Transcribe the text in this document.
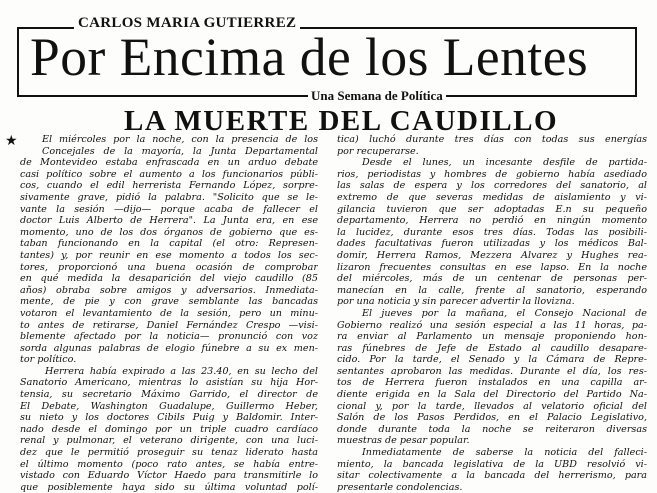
CARLOS MARIA GUTIERREZ
Por Encima de los Lentes
Una Semana de Política
LA MUERTE DEL CAUDILLO
★	El miércoles por la noche, con la presencia de los
Concejales de la mayoría, la Junta Departamental
de Montevideo estaba enfrascada en un arduo debate
casi político sobre el aumento a los funcionarios públi-
cos, cuando el edil herrerista Fernando López, sorpre-
sivamente grave, pidió la palabra. "Solicito que se le-
vante la sesión —dijo— porque acaba de fallecer el
doctor Luis Alberto de Herrera". La Junta era, en ese
momento, uno de los dos órganos de gobierno que es-
taban funcionando en la capital (el otro: Represen-
tantes) y, por reunir en ese momento a todos los sec-
tores, proporcionó una buena ocasión de comprobar
en qué medida la desaparición del viejo caudillo (85
años) obraba sobre amigos y adversarios. Inmediata-
mente, de pie y con grave semblante las bancadas
votaron el levantamiento de la sesión, pero un minu-
to antes de retirarse, Daniel Fernández Crespo —visi-
blemente afectado por la noticia— pronunció con voz
sorda algunas palabras de elogio fúnebre a su ex men-
tor político.
Herrera había expirado a las 23.40, en su lecho del
Sanatorio Americano, mientras lo asistían su hija Hor-
tensia, su secretario Máximo Garrido, el director de
El Debate, Washington Guadalupe, Guillermo Heber,
su nieto y los doctores Cibils Puig y Baldomir. Inter-
nado desde el domingo por un triple cuadro cardíaco
renal y pulmonar, el veterano dirigente, con una luci-
dez que le permitió proseguir su tenaz liderato hasta
el último momento (poco rato antes, se había entre-
vistado con Eduardo Víctor Haedo para transmitirle lo
que posiblemente haya sido su última voluntad polí-
tica) luchó durante tres días con todas sus energías
por recuperarse.
Desde el lunes, un incesante desfile de partida-
rios, periodistas y hombres de gobierno había asediado
las salas de espera y los corredores del sanatorio, al
extremo de que severas medidas de aislamiento y vi-
gilancia tuvieron que ser adoptadas E.n su pequeño
departamento, Herrera no perdió en ningún momento
la lucidez, durante esos tres días. Todas las posibili-
dades facultativas fueron utilizadas y los médicos Bal-
domir, Herrera Ramos, Mezzera Alvarez y Hughes rea-
lizaron frecuentes consultas en ese lapso. En la noche
del miércoles, más de un centenar de personas per-
manecían en la calle, frente al sanatorio, esperando
por una noticia y sin parecer advertir la llovizna.
El jueves por la mañana, el Consejo Nacional de
Gobierno realizó una sesión especial a las 11 horas, pa-
ra enviar al Parlamento un mensaje proponiendo hon-
ras fúnebres de Jefe de Estado al caudillo desapare-
cido. Por la tarde, el Senado y la Cámara de Repre-
sentantes aprobaron las medidas. Durante el día, los res-
tos de Herrera fueron instalados en una capilla ar-
diente erigida en la Sala del Directorio del Partido Na-
cional y, por la tarde, llevados al velatorio oficial del
Salón de los Pasos Perdidos, en el Palacio Legislativo,
donde durante toda la noche se reiteraron diversas
muestras de pesar popular.
Inmediatamente de saberse la noticia del falleci-
miento, la bancada legislativa de la UBD resolvió vi-
sitar colectivamente a la bancada del herrerismo, para
presentarle condolencias.
